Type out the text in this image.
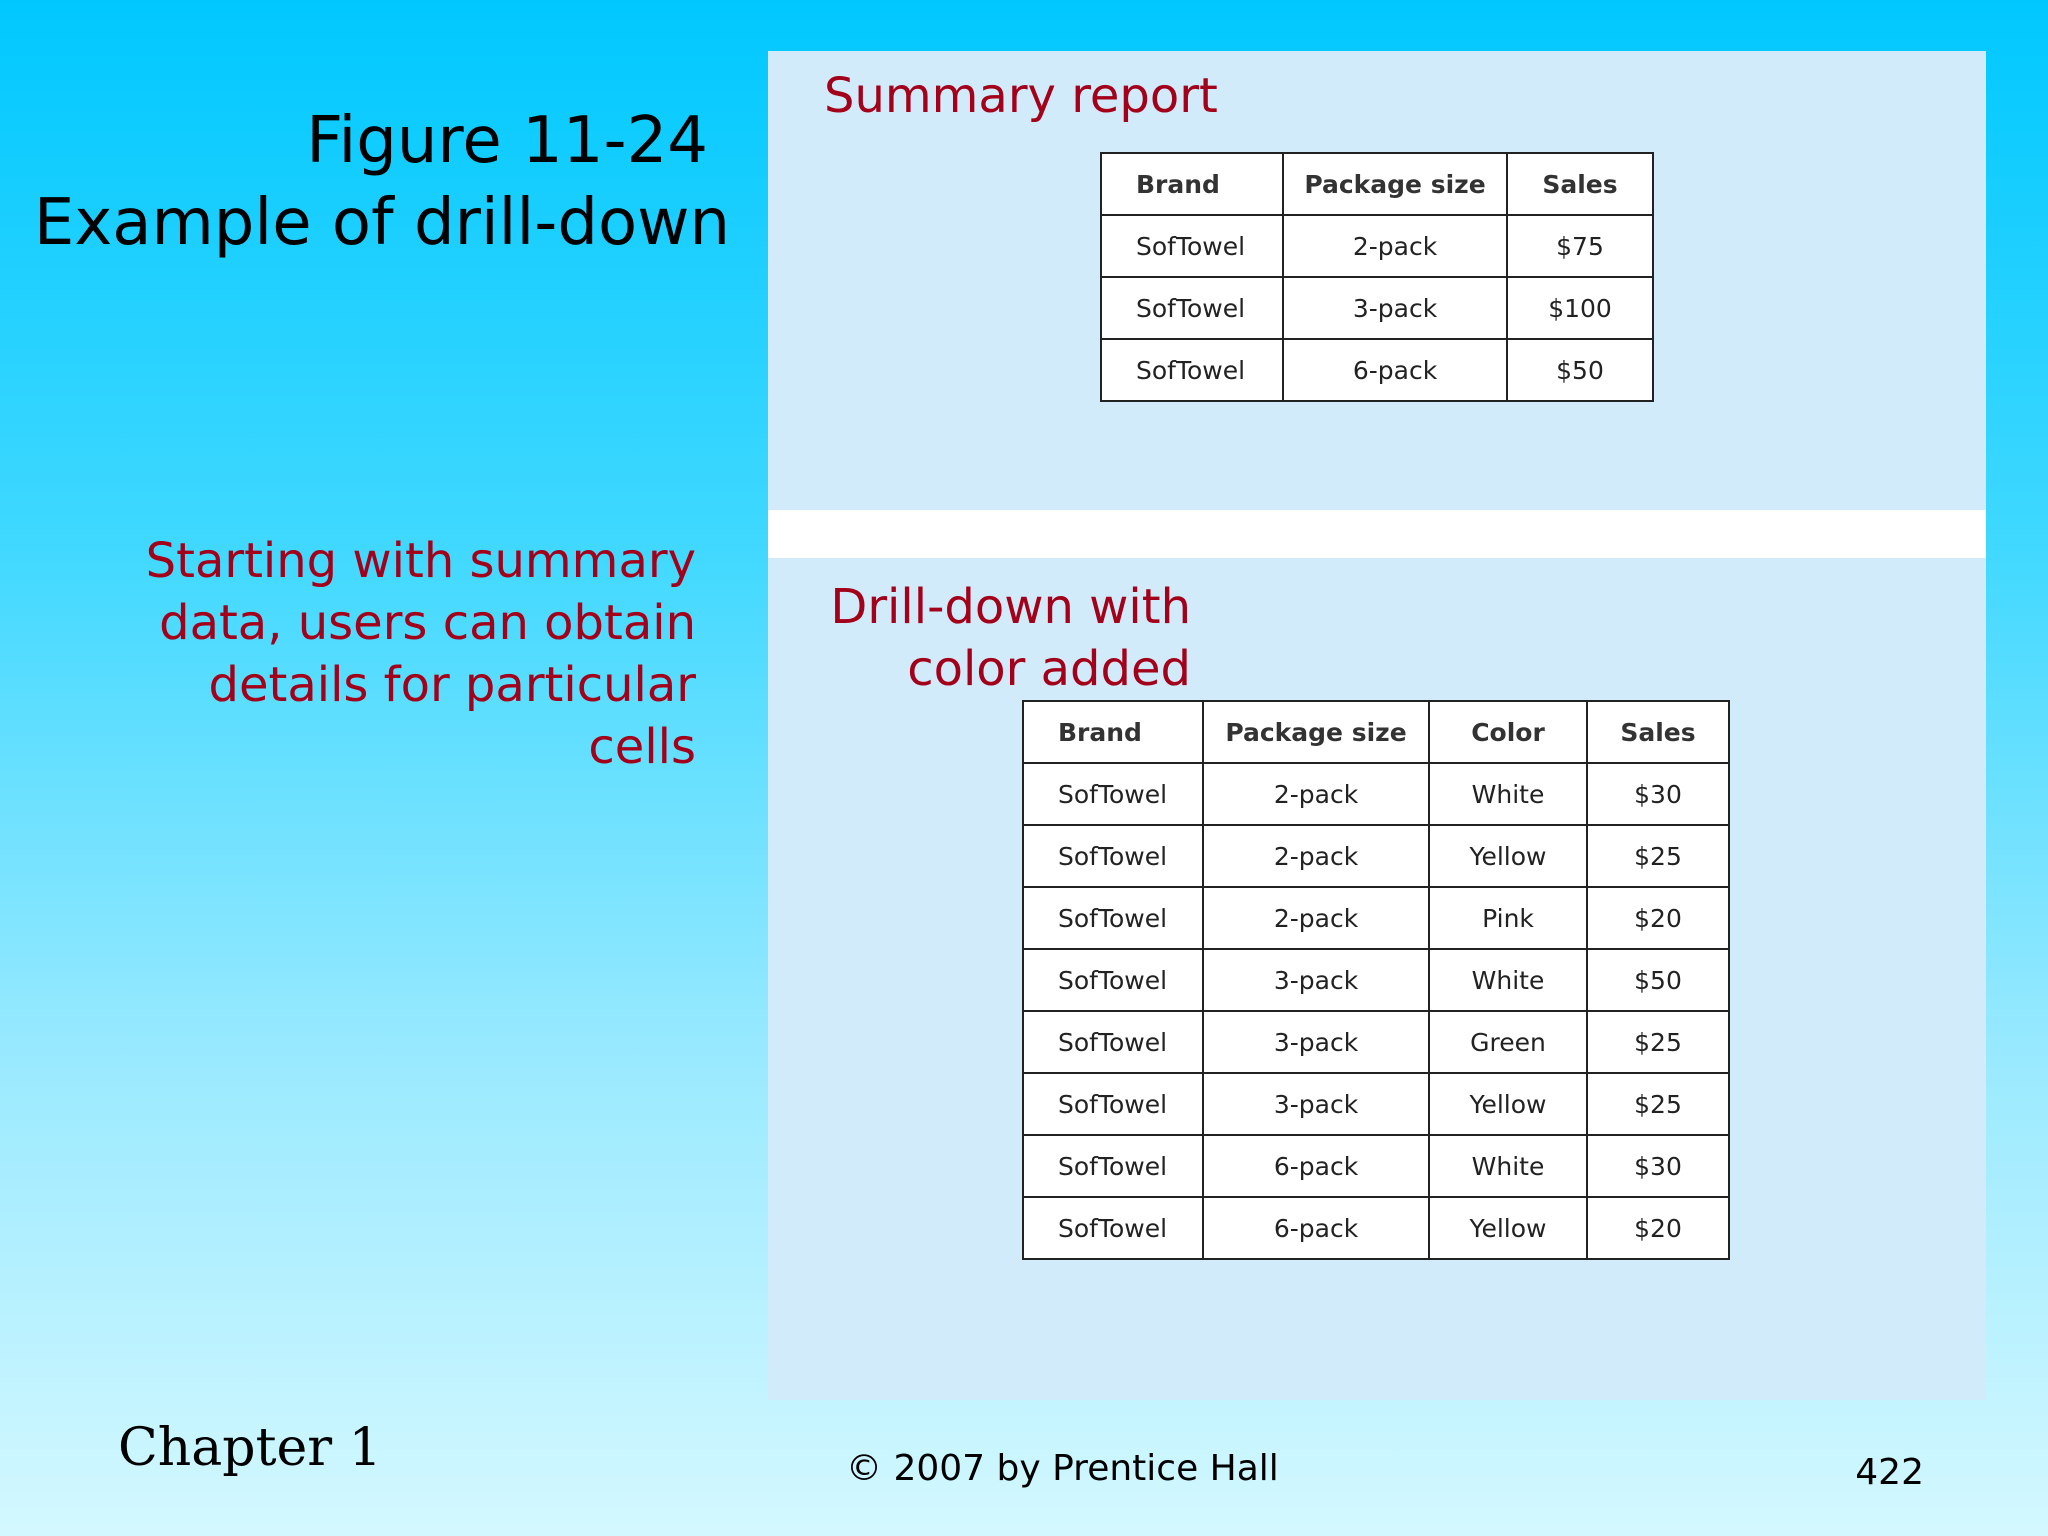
Figure 11-24
Example of drill-down
Starting with summary
data, users can obtain
details for particular
cells
Summary report
Brand	Package size	Sales
SofTowel	2-pack	$75
SofTowel	3-pack	$100
SofTowel	6-pack	$50
Drill-down with
color added
Brand	Package size	Color	Sales
SofTowel	2-pack	White	$30
SofTowel	2-pack	Yellow	$25
SofTowel	2-pack	Pink	$20
SofTowel	3-pack	White	$50
SofTowel	3-pack	Green	$25
SofTowel	3-pack	Yellow	$25
SofTowel	6-pack	White	$30
SofTowel	6-pack	Yellow	$20
Chapter 1	© 2007 by Prentice Hall	422
